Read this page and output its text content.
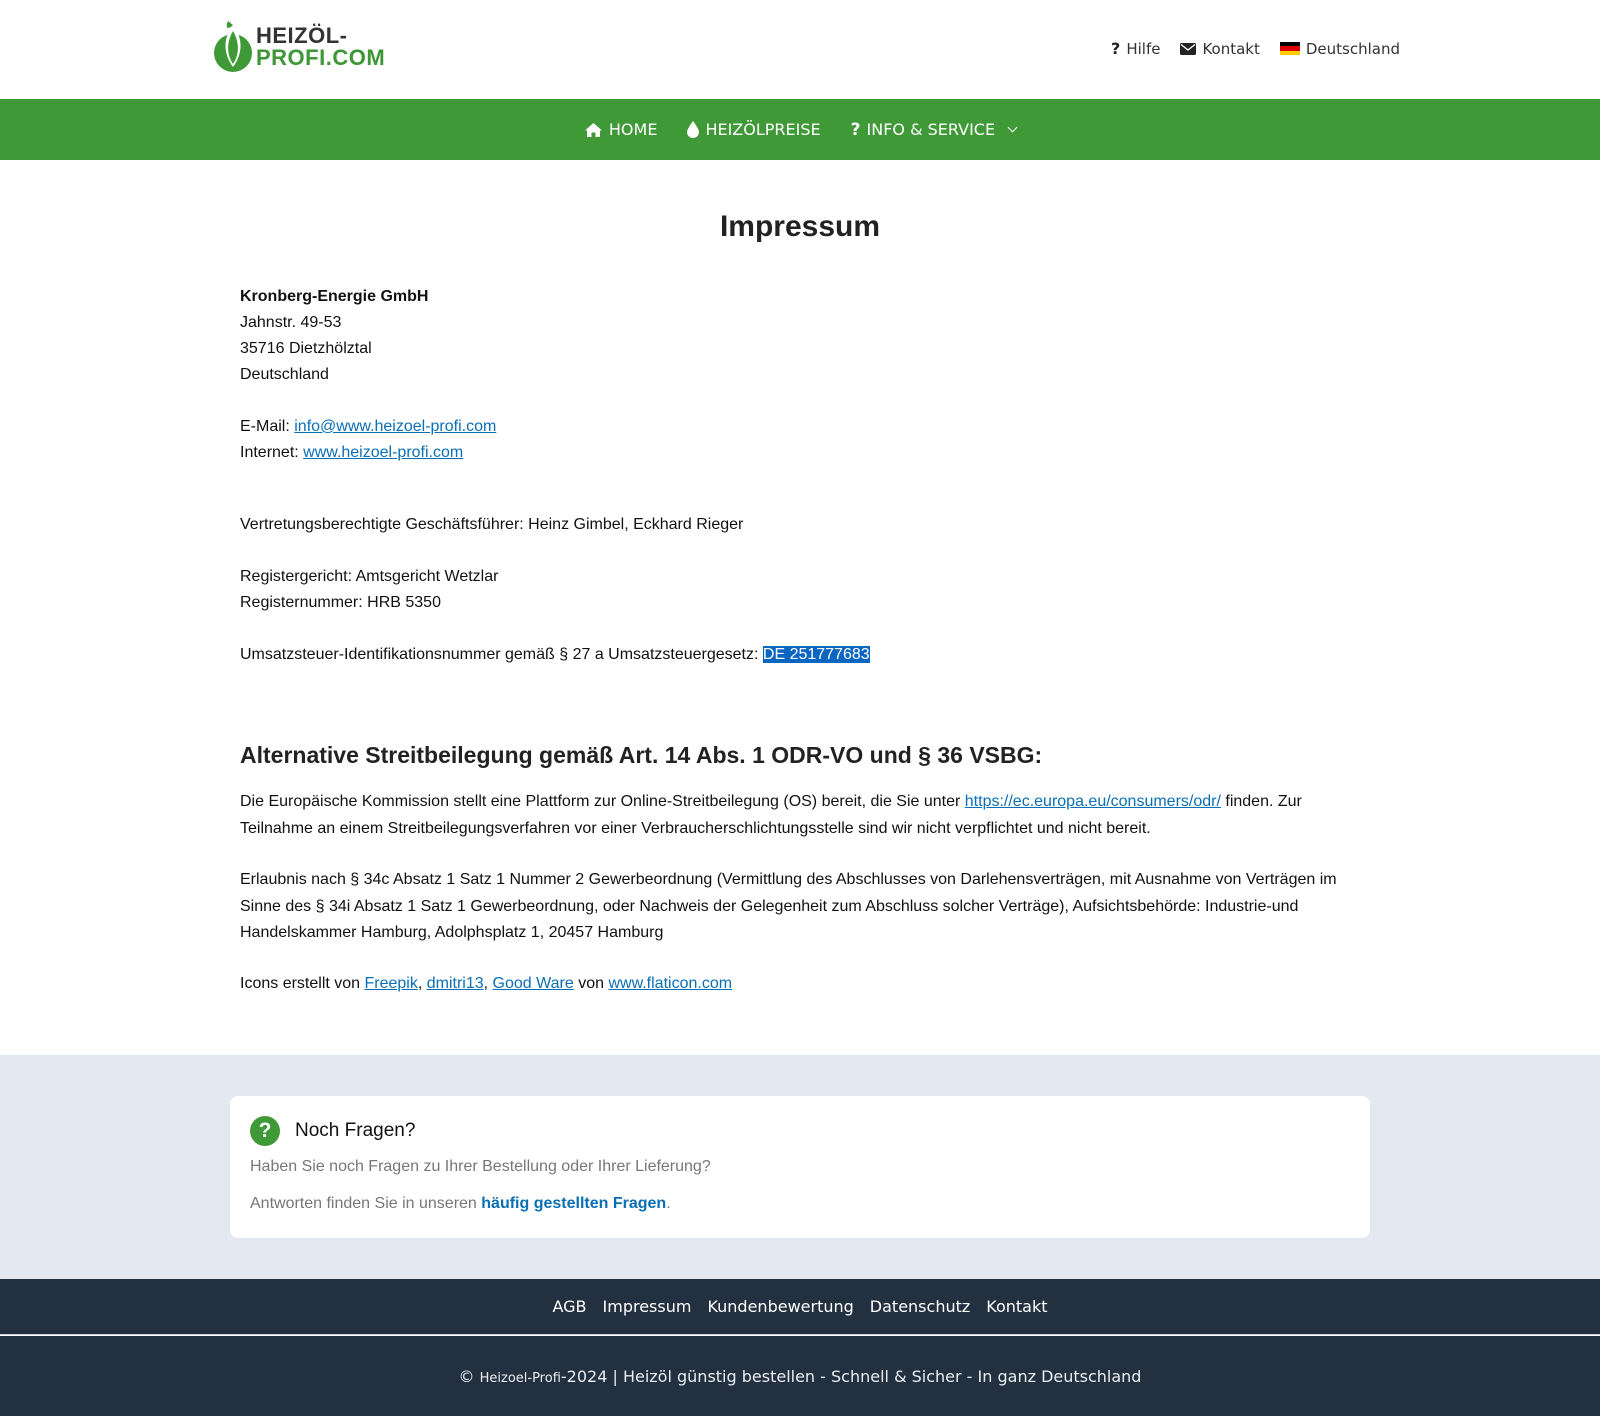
HEIZÖL-
PROFI.COM	? Hilfe	Kontakt	Deutschland
HOME	HEIZÖLPREISE ? INFO & SERVICE
Impressum
Kronberg-Energie GmbH
Jahnstr. 49-53
35716 Dietzhölztal
Deutschland
E-Mail: info@www.heizoel-profi.com
Internet: www.heizoel-profi.com
Vertretungsberechtigte Geschäftsführer: Heinz Gimbel, Eckhard Rieger
Registergericht: Amtsgericht Wetzlar
Registernummer: HRB 5350
Umsatzsteuer-Identifikationsnummer gemäß § 27 a Umsatzsteuergesetz: DE 251777683
Alternative Streitbeilegung gemäß Art. 14 Abs. 1 ODR-VO und § 36 VSBG:

Die Europäische Kommission stellt eine Plattform zur Online-Streitbeilegung (OS) bereit, die Sie unter https://ec.europa.eu/consumers/odr/ finden. Zur Teilnahme an einem Streitbeilegungsverfahren vor einer Verbraucherschlichtungsstelle sind wir nicht verpflichtet und nicht bereit.

Erlaubnis nach § 34c Absatz 1 Satz 1 Nummer 2 Gewerbeordnung (Vermittlung des Abschlusses von Darlehensverträgen, mit Ausnahme von Verträgen im Sinne des § 34i Absatz 1 Satz 1 Gewerbeordnung, oder Nachweis der Gelegenheit zum Abschluss solcher Verträge), Aufsichtsbehörde: Industrie-und Handelskammer Hamburg, Adolphsplatz 1, 20457 Hamburg

Icons erstellt von Freepik, dmitri13, Good Ware von www.flaticon.com

?	Noch Fragen?
Haben Sie noch Fragen zu Ihrer Bestellung oder Ihrer Lieferung?
Antworten finden Sie in unseren häufig gestellten Fragen.
AGB Impressum Kundenbewertung Datenschutz Kontakt
© Heizoel-Profi-2024 | Heizöl günstig bestellen - Schnell & Sicher - In ganz Deutschland
